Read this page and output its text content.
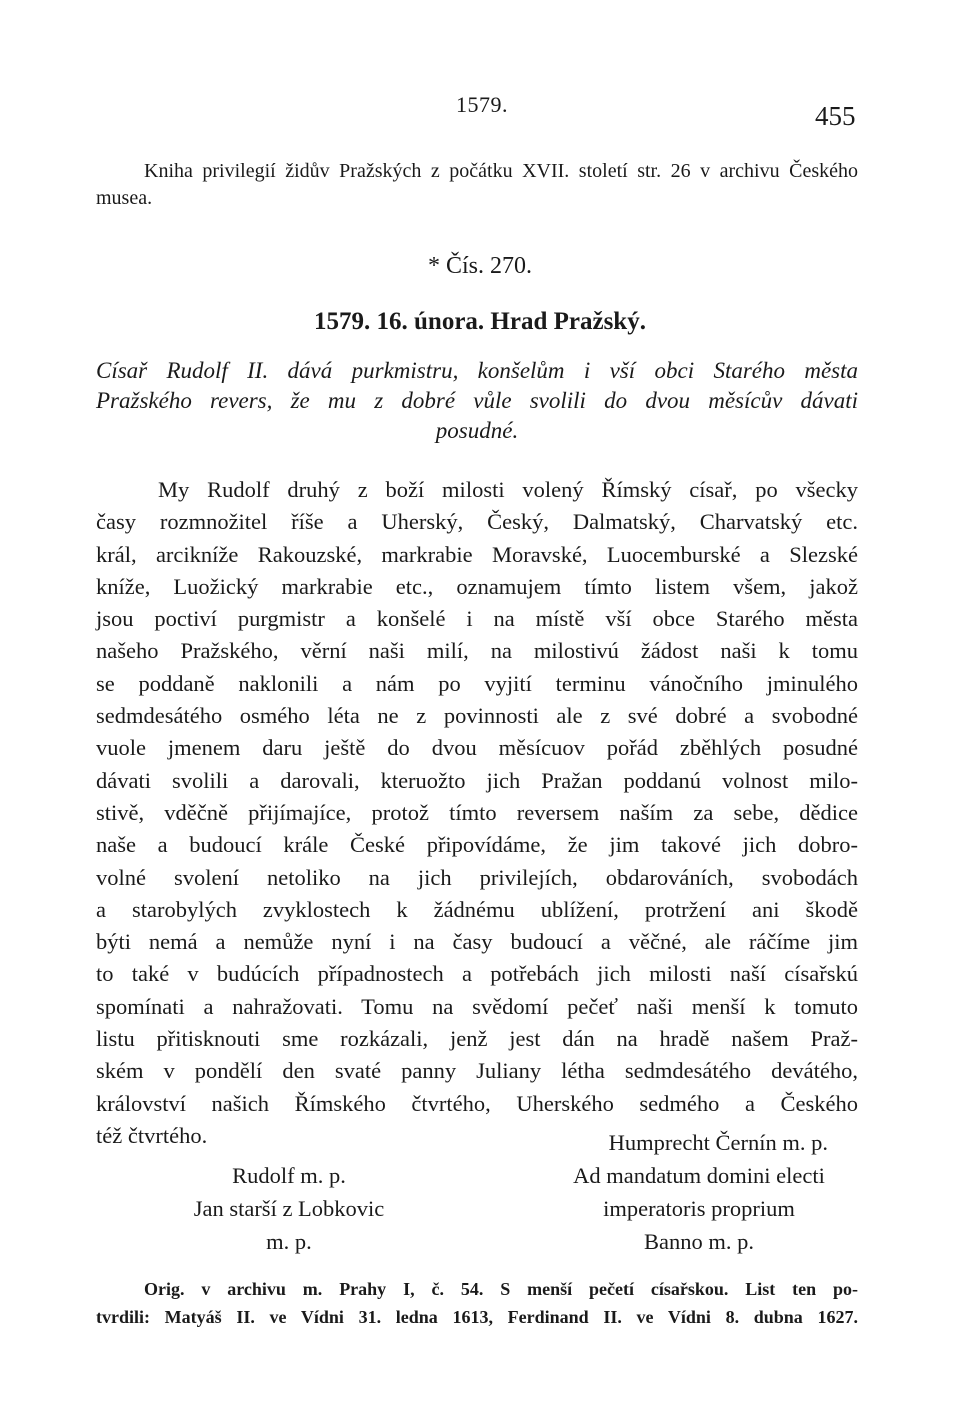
1579.	455
Kniha privilegií židův Pražských z počátku XVII. století str. 26 v archivu Českého musea.
* Čís. 270.
1579. 16. února. Hrad Pražský.
Císař Rudolf II. dává purkmistru, konšelům i vší obci Starého města
Pražského revers, že mu z dobré vůle svolili do dvou měsícův dávati
posudné.
My Rudolf druhý z boží milosti volený Římský císař, po všecky
časy rozmnožitel říše a Uherský, Český, Dalmatský, Charvatský etc.
král, arcikníže Rakouzské, markrabie Moravské, Luocemburské a Slezské
kníže, Luožický markrabie etc., oznamujem tímto listem všem, jakož
jsou poctiví purgmistr a konšelé i na místě vší obce Starého města
našeho Pražského, věrní naši milí, na milostivú žádost naši k tomu
se poddaně naklonili a nám po vyjití terminu vánočního jminulého
sedmdesátého osmého léta ne z povinnosti ale z své dobré a svobodné
vuole jmenem daru ještě do dvou měsícuov pořád zběhlých posudné
dávati svolili a darovali, kteruožto jich Pražan poddanú volnost milo-
stivě, vděčně přijímajíce, protož tímto reversem naším za sebe, dědice
naše a budoucí krále České připovídáme, že jim takové jich dobro-
volné svolení netoliko na jich privilejích, obdarováních, svobodách
a starobylých zvyklostech k žádnému ublížení, protržení ani škodě
býti nemá a nemůže nyní i na časy budoucí a věčné, ale ráčíme jim
to také v budúcích případnostech a potřebách jich milosti naší císařskú
spomínati a nahražovati. Tomu na svědomí pečeť naši menší k tomuto
listu přitisknouti sme rozkázali, jenž jest dán na hradě našem Praž-
ském v pondělí den svaté panny Juliany létha sedmdesátého devátého,
království našich Římského čtvrtého, Uherského sedmého a Českého
též čtvrtého.
Rudolf m. p.
Jan starší z Lobkovic
m. p.
Humprecht Černín m. p.
Ad mandatum domini electi
imperatoris proprium
Banno m. p.
Orig. v archivu m. Prahy I, č. 54. S menší pečetí císařskou. List ten po-
tvrdili: Matyáš II. ve Vídni 31. ledna 1613, Ferdinand II. ve Vídni 8. dubna 1627.
